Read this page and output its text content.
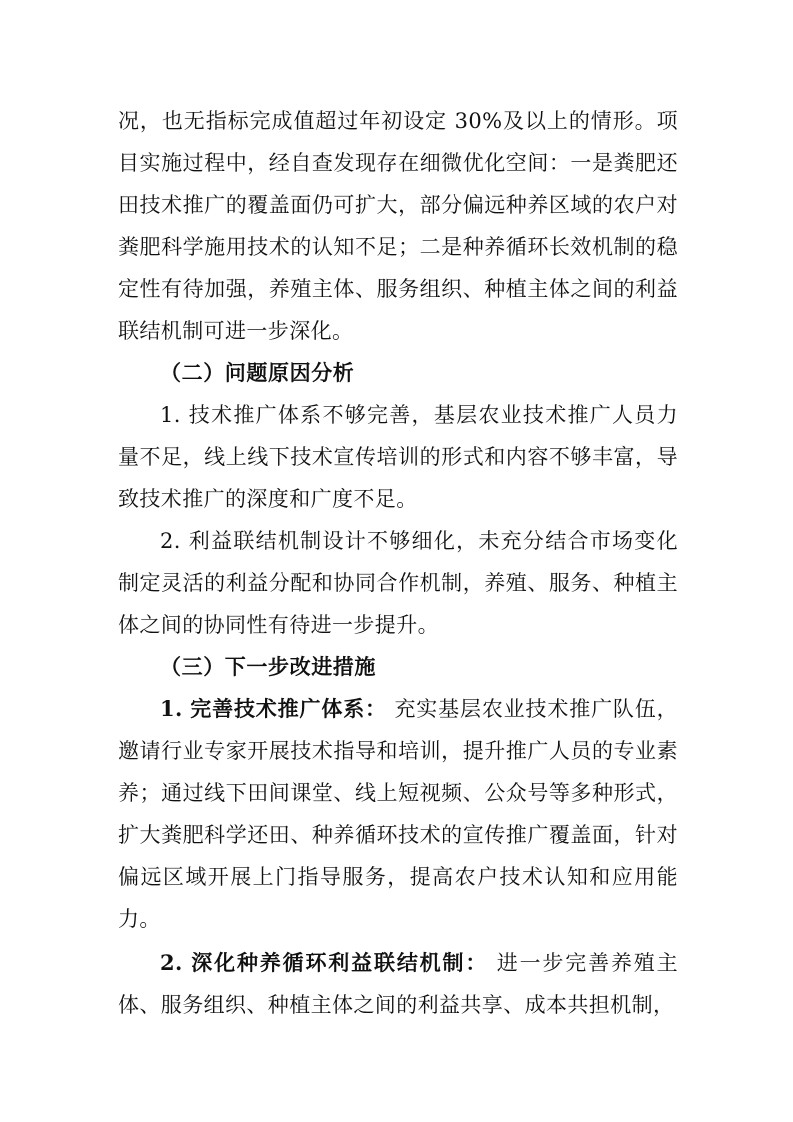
况，也无指标完成值超过年初设定 30%及以上的情形。项目实施过程中，经自查发现存在细微优化空间：一是粪肥还田技术推广的覆盖面仍可扩大，部分偏远种养区域的农户对粪肥科学施用技术的认知不足；二是种养循环长效机制的稳定性有待加强，养殖主体、服务组织、种植主体之间的利益联结机制可进一步深化。

（二）问题原因分析

1. 技术推广体系不够完善，基层农业技术推广人员力量不足，线上线下技术宣传培训的形式和内容不够丰富，导致技术推广的深度和广度不足。

2. 利益联结机制设计不够细化，未充分结合市场变化制定灵活的利益分配和协同合作机制，养殖、服务、种植主体之间的协同性有待进一步提升。

（三）下一步改进措施

1. 完善技术推广体系： 充实基层农业技术推广队伍，邀请行业专家开展技术指导和培训，提升推广人员的专业素养；通过线下田间课堂、线上短视频、公众号等多种形式，扩大粪肥科学还田、种养循环技术的宣传推广覆盖面，针对偏远区域开展上门指导服务，提高农户技术认知和应用能力。

2. 深化种养循环利益联结机制： 进一步完善养殖主体、服务组织、种植主体之间的利益共享、成本共担机制，
